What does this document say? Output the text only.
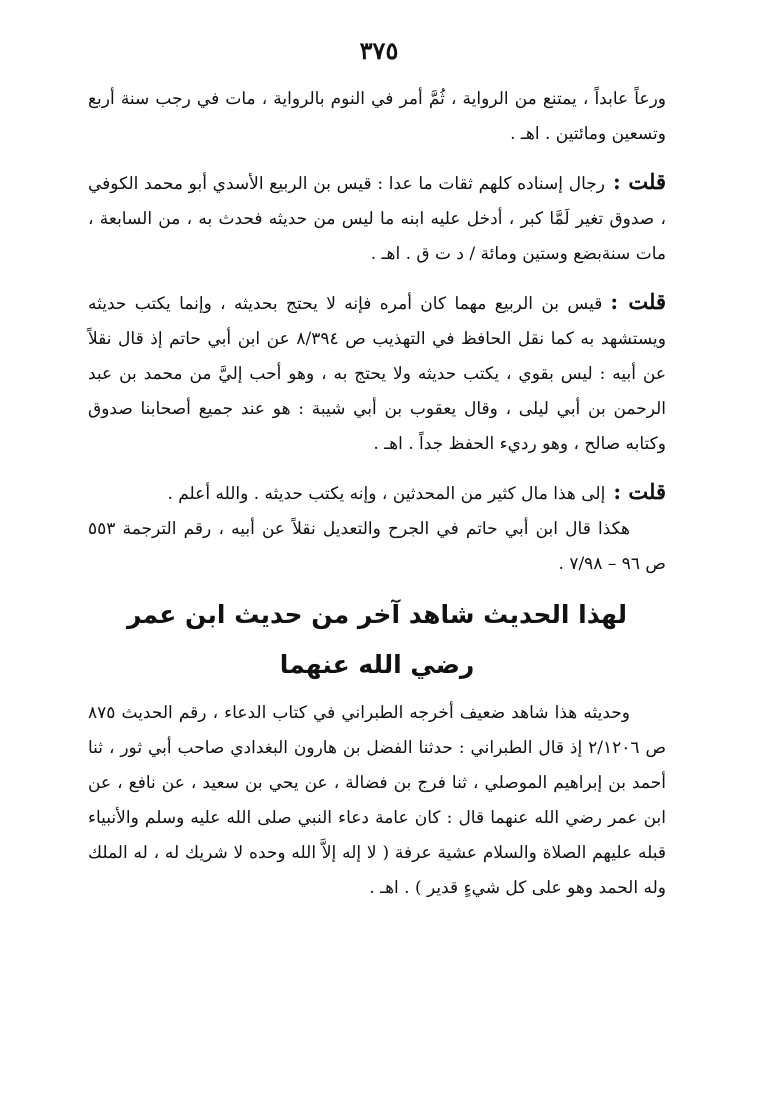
٣٧٥

ورعاً عابداً ، يمتنع من الرواية ، ثُمَّ أمر في النوم بالرواية ، مات في رجب سنة أربع وتسعين ومائتين . اهـ .

قلت :رجال إسناده كلهم ثقات ما عدا : قيس بن الربيع الأسدي أبو محمد الكوفي ، صدوق تغير لَمَّا كبر ، أدخل عليه ابنه ما ليس من حديثه فحدث به ، من السابعة ، مات سنةبضع وستين ومائة / د ت ق . اهـ .

قلت :قيس بن الربيع مهما كان أمره فإنه لا يحتج بحديثه ، وإنما يكتب حديثه ويستشهد به كما نقل الحافظ في التهذيب ص ٨/٣٩٤ عن ابن أبي حاتم إذ قال نقلاً عن أبيه : ليس بقوي ، يكتب حديثه ولا يحتج به ، وهو أحب إليَّ من محمد بن عبد الرحمن بن أبي ليلى ، وقال يعقوب بن أبي شيبة : هو عند جميع أصحابنا صدوق وكتابه صالح ، وهو رديء الحفظ جداً . اهـ .

قلت :إلى هذا مال كثير من المحدثين ، وإنه يكتب حديثه . والله أعلم .

هكذا قال ابن أبي حاتم في الجرح والتعديل نقلاً عن أبيه ، رقم الترجمة ٥٥٣ ص ٩٦ – ٧/٩٨ .

لهذا الحديث شاهد آخر من حديث ابن عمر
رضي الله عنهما

وحديثه هذا شاهد ضعيف أخرجه الطبراني في كتاب الدعاء ، رقم الحديث ٨٧٥ ص ٢/١٢٠٦ إذ قال الطبراني : حدثنا الفضل بن هارون البغدادي صاحب أبي ثور ، ثنا أحمد بن إبراهيم الموصلي ، ثنا فرج بن فضالة ، عن يحي بن سعيد ، عن نافع ، عن ابن عمر رضي الله عنهما قال : كان عامة دعاء النبي صلى الله عليه وسلم والأنبياء قبله عليهم الصلاة والسلام عشية عرفة ( لا إله إلاَّ الله وحده لا شريك له ، له الملك وله الحمد وهو على كل شيءٍ قدير ) . اهـ .
